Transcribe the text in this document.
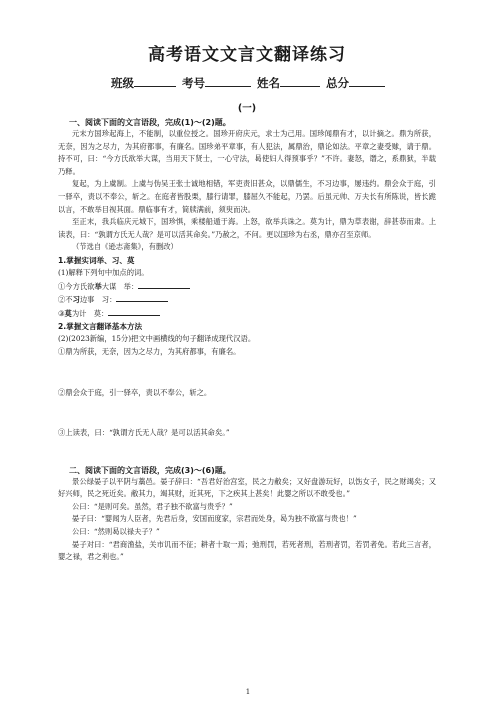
高考语文文言文翻译练习
班级	考号	姓名	总分
(一)
一、阅读下面的文言语段，完成(1)～(2)题。

元末方国珍起海上，不能制，以重位授之。国珍开府庆元，求士为己用。国珍闻鼎有才，以计摘之。鼎为所获，无奈，因为之尽力，为其府都事，有廉名。国珍弟平章事，有人犯法，属鼎治，鼎论如法。平章之妻受赇，请于鼎。持不可，曰：“今方氏欲举大谋，当用天下贤士，一心守法，曷使妇人得预事乎？”不许。妻怒，谮之，系鼎狱，半载乃释。

复起，为上虞制。上虞与伪吴王张士诚地相错，军吏责旧甚众，以鼎儒生，不习边事，屡违约。鼎会众于庭，引一驿卒，责以不奉公，斩之。在庭者皆股栗，膝行请罪，膝屈久不能起，乃罢。后虽元帅、万夫长有所陈说，皆长跪以言，不敢举目视其面。鼎临事有才，简牍满前，须臾而决。

至正末，我兵临庆元城下，国珍惧，乘楼船遁于海。上怒，欲举兵诛之。莫为计，鼎为草表谢，辞甚恭而肃。上读表，曰：“孰谓方氏无人哉？是可以活其命矣。”乃赦之，不问。更以国珍为右丞，鼎亦召至京师。

（节选自《逊志斋集》，有删改）

1.掌握实词举、习、莫

(1)解释下列句中加点的词。

①今方氏欲举大谋　举：

②不习边事　习：

③莫为计　莫：

2.掌握文言翻译基本方法

(2)(2023新编，15分)把文中画横线的句子翻译成现代汉语。

①鼎为所获，无奈，因为之尽力，为其府都事，有廉名。

②鼎会众于庭，引一驿卒，责以不奉公，斩之。

③上读表，曰：“孰谓方氏无人哉？是可以活其命矣。”

二、阅读下面的文言语段，完成(3)～(6)题。

景公绿晏子以平阴与藁邑。晏子辞曰：“吾君好治宫室，民之力敝矣；又好盘游玩好，以饬女子，民之财竭矣；又好兴师，民之死近矣。敝其力，竭其财，近其死，下之疾其上甚矣！此婴之所以不敢受也。”

公曰：“是则可矣。虽然，君子独不欲富与贵乎？”

晏子曰：“婴闻为人臣者，先君后身，安国而度家，宗君而处身，曷为独不欲富与贵也！”

公曰：“然则曷以禄夫子？”

晏子对曰：“君商渔盐，关市讥而不征；耕者十取一焉；弛刑罚，若死者刑，若刑者罚，若罚者免。若此三言者，婴之禄，君之利也。”

1
